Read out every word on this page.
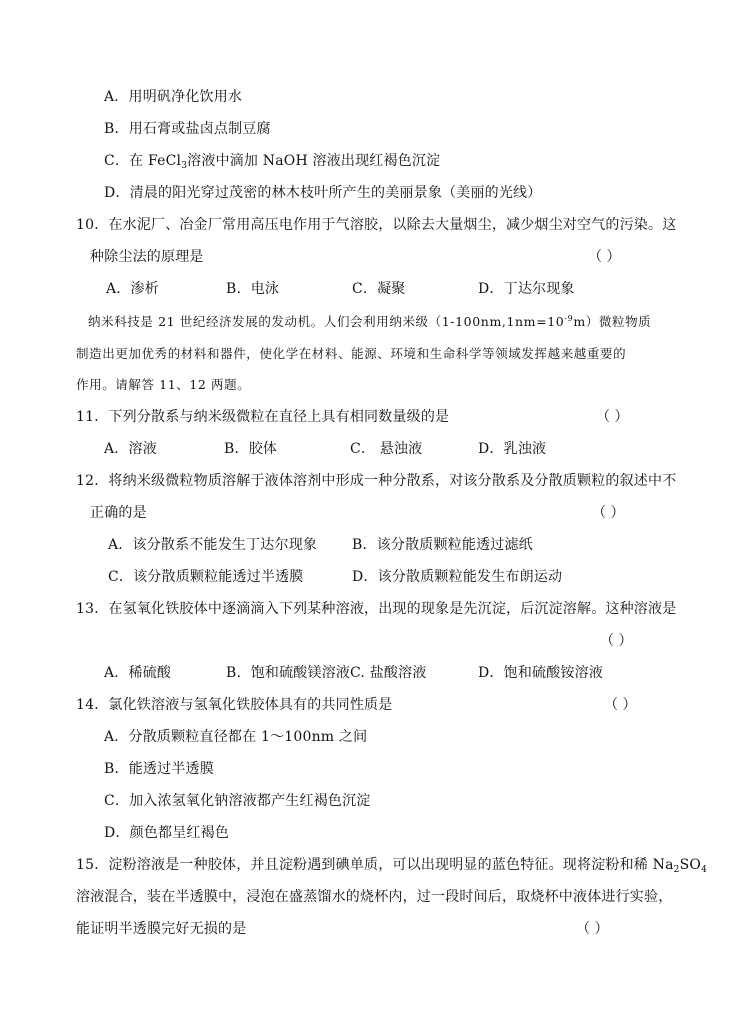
A．用明矾净化饮用水
B．用石膏或盐卤点制豆腐
C．在 FeCl$_3$溶液中滴加 NaOH 溶液出现红褐色沉淀
D．清晨的阳光穿过茂密的林木枝叶所产生的美丽景象（美丽的光线）
10．在水泥厂、冶金厂常用高压电作用于气溶胶，以除去大量烟尘，减少烟尘对空气的污染。这
种除尘法的原理是	（ ）
A．渗析	B．电泳	C．凝聚	D．丁达尔现象
纳米科技是 21 世纪经济发展的发动机。人们会利用纳米级$(1-100nm,1nm=10^{-9}m)$微粒物质
制造出更加优秀的材料和器件，使化学在材料、能源、环境和生命科学等领域发挥越来越重要的
作用。请解答 11、12 两题。
11．下列分散系与纳米级微粒在直径上具有相同数量级的是	（ ）
A．溶液	B．胶体	C． 悬浊液	D．乳浊液
12．将纳米级微粒物质溶解于液体溶剂中形成一种分散系，对该分散系及分散质颗粒的叙述中不
正确的是	（ ）
A．该分散系不能发生丁达尔现象 B．该分散质颗粒能透过滤纸
C．该分散质颗粒能透过半透膜	D．该分散质颗粒能发生布朗运动
13．在氢氧化铁胶体中逐滴滴入下列某种溶液，出现的现象是先沉淀，后沉淀溶解。这种溶液是
（ ）
A．稀硫酸	B．饱和硫酸镁溶液 C. 盐酸溶液	D．饱和硫酸铵溶液
14．氯化铁溶液与氢氧化铁胶体具有的共同性质是	（ ）
A．分散质颗粒直径都在 1～100nm 之间
B．能透过半透膜
C．加入浓氢氧化钠溶液都产生红褐色沉淀
D．颜色都呈红褐色
15．淀粉溶液是一种胶体，并且淀粉遇到碘单质，可以出现明显的蓝色特征。现将淀粉和稀 $Na_2SO_4$
溶液混合，装在半透膜中，浸泡在盛蒸馏水的烧杯内，过一段时间后，取烧杯中液体进行实验，
能证明半透膜完好无损的是	（ ）
